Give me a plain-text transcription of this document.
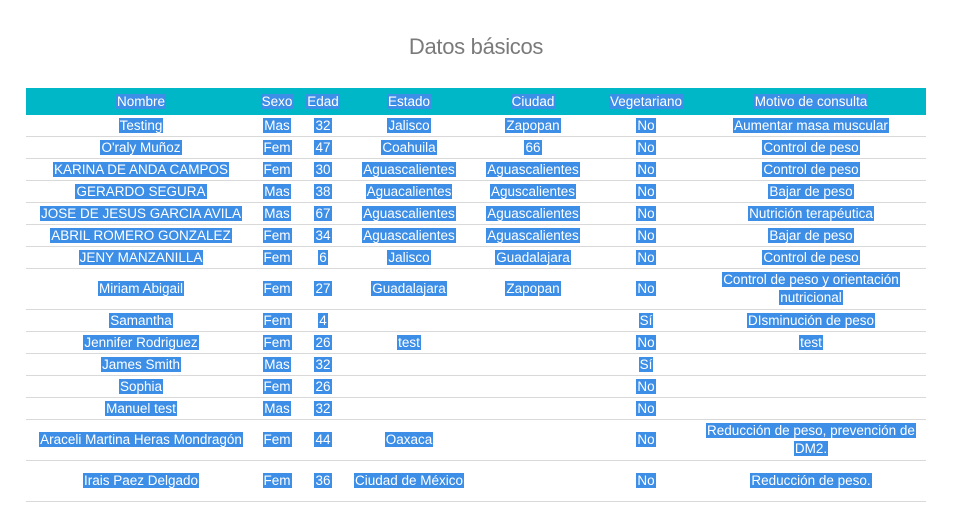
Datos básicos
Nombre	Sexo	Edad	Estado	Ciudad	Vegetariano	Motivo de consulta
Testing	Mas	32	Jalisco	Zapopan	No	Aumentar masa muscular
O'raly Muñoz	Fem	47	Coahuila	66	No	Control de peso
KARINA DE ANDA CAMPOS	Fem	30	Aguascalientes	Aguascalientes	No	Control de peso
GERARDO SEGURA	Mas	38	Aguacalientes	Aguscalientes	No	Bajar de peso
JOSE DE JESUS GARCIA AVILA	Mas	67	Aguascalientes	Aguascalientes	No	Nutrición terapéutica
ABRIL ROMERO GONZALEZ	Fem	34	Aguascalientes	Aguascalientes	No	Bajar de peso
JENY MANZANILLA	Fem	6	Jalisco	Guadalajara	No	Control de peso
Miriam Abigail	Fem	27	Guadalajara	Zapopan	No	Control de peso y orientación nutricional
Samantha	Fem	4			Sí	DIsminución de peso
Jennifer Rodriguez	Fem	26	test		No	test
James Smith	Mas	32			Sí	
Sophia	Fem	26			No	
Manuel test	Mas	32			No	
Araceli Martina Heras Mondragón	Fem	44	Oaxaca		No	Reducción de peso, prevención de DM2.
Irais Paez Delgado	Fem	36	Ciudad de México		No	Reducción de peso.
